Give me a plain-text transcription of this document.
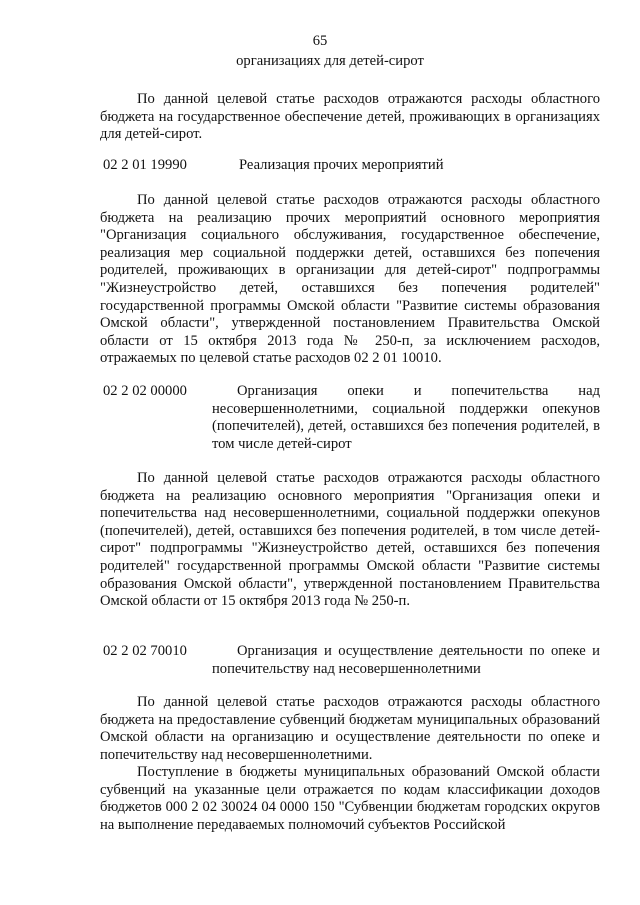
65
организациях для детей-сирот

По данной целевой статье расходов отражаются расходы областного бюджета на государственное обеспечение детей, проживающих в организациях для детей-сирот.

02 2 01 19990	Реализация прочих мероприятий

По данной целевой статье расходов отражаются расходы областного бюджета на реализацию прочих мероприятий основного мероприятия "Организация социального обслуживания, государственное обеспечение, реализация мер социальной поддержки детей, оставшихся без попечения родителей, проживающих в организации для детей-сирот" подпрограммы "Жизнеустройство детей, оставшихся без попечения родителей" государственной программы Омской области "Развитие системы образования Омской области", утвержденной постановлением Правительства Омской области от 15 октября 2013 года № 250-п, за исключением расходов, отражаемых по целевой статье расходов 02 2 01 10010.

02 2 02 00000	Организация опеки и попечительства над несовершеннолетними, социальной поддержки опекунов (попечителей), детей, оставшихся без попечения родителей, в том числе детей-сирот

По данной целевой статье расходов отражаются расходы областного бюджета на реализацию основного мероприятия "Организация опеки и попечительства над несовершеннолетними, социальной поддержки опекунов (попечителей), детей, оставшихся без попечения родителей, в том числе детей-сирот" подпрограммы "Жизнеустройство детей, оставшихся без попечения родителей" государственной программы Омской области "Развитие системы образования Омской области", утвержденной постановлением Правительства Омской области от 15 октября 2013 года № 250-п.

02 2 02 70010	Организация и осуществление деятельности по опеке и попечительству над несовершеннолетними

По данной целевой статье расходов отражаются расходы областного бюджета на предоставление субвенций бюджетам муниципальных образований Омской области на организацию и осуществление деятельности по опеке и попечительству над несовершеннолетними.

Поступление в бюджеты муниципальных образований Омской области субвенций на указанные цели отражается по кодам классификации доходов бюджетов 000 2 02 30024 04 0000 150 "Субвенции бюджетам городских округов на выполнение передаваемых полномочий субъектов Российской
